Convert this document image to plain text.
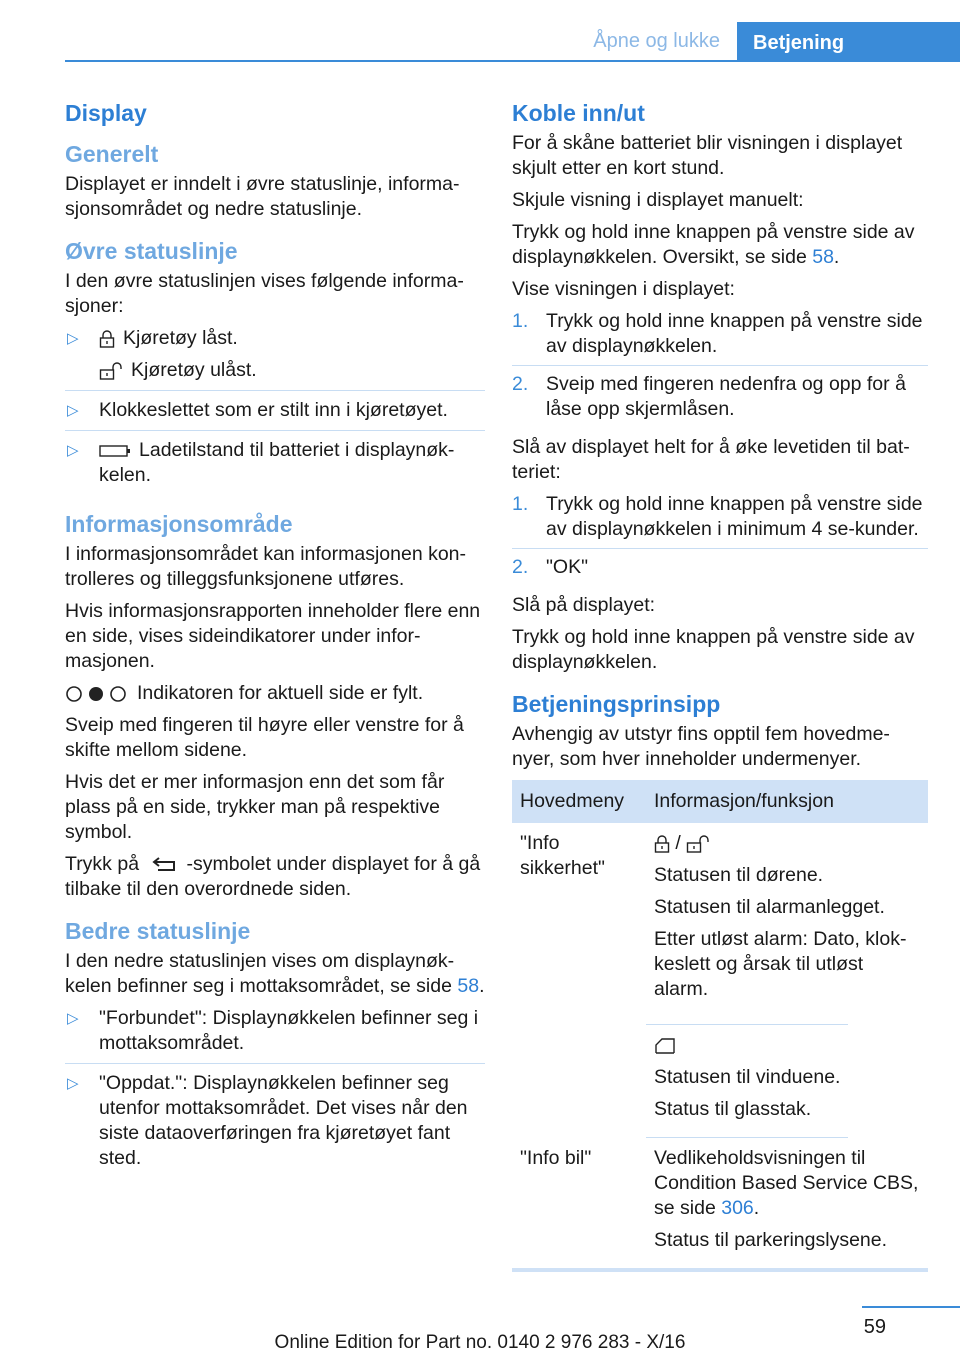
Åpne og lukke	Betjening
Display
Generelt

Displayet er inndelt i øvre statuslinje, informa-sjonsområdet og nedre statuslinje.

Øvre statuslinje

I den øvre statuslinjen vises følgende informa-sjoner:

▷ Kjøretøy låst.
Kjøretøy ulåst.
▷ Klokkeslettet som er stilt inn i kjøretøyet.
▷	Ladetilstand til batteriet i displaynøk-kelen.
Informasjonsområde

I informasjonsområdet kan informasjonen kon-trolleres og tilleggsfunksjonene utføres.

Hvis informasjonsrapporten inneholder flere enn en side, vises sideindikatorer under infor-masjonen.

Indikatoren for aktuell side er fylt.

Sveip med fingeren til høyre eller venstre for å skifte mellom sidene.

Hvis det er mer informasjon enn det som får plass på en side, trykker man på respektive symbol.

Trykk på -symbolet under displayet for å gå tilbake til den overordnede siden.

Bedre statuslinje

I den nedre statuslinjen vises om displaynøk-kelen befinner seg i mottaksområdet, se side 58.

▷ "Forbundet": Displaynøkkelen befinner seg i mottaksområdet.
▷ "Oppdat.": Displaynøkkelen befinner seg utenfor mottaksområdet. Det vises når den siste dataoverføringen fra kjøretøyet fant sted.
Koble inn/ut

For å skåne batteriet blir visningen i displayet skjult etter en kort stund.

Skjule visning i displayet manuelt:

Trykk og hold inne knappen på venstre side av displaynøkkelen. Oversikt, se side 58.

Vise visningen i displayet:

1. Trykk og hold inne knappen på venstre side av displaynøkkelen.
2. Sveip med fingeren nedenfra og opp for å låse opp skjermlåsen.

Slå av displayet helt for å øke levetiden til bat-teriet:

1. Trykk og hold inne knappen på venstre side av displaynøkkelen i minimum 4 se-kunder.
2. "OK"

Slå på displayet:

Trykk og hold inne knappen på venstre side av displaynøkkelen.

Betjeningsprinsipp

Avhengig av utstyr fins opptil fem hovedme-nyer, som hver inneholder undermenyer.

Hovedmeny	Informasjon/funksjon
"Info sikkerhet"	/

Statusen til dørene.

Statusen til alarmanlegget.

Etter utløst alarm: Dato, klok-keslett og årsak til utløst alarm.

Statusen til vinduene.

Status til glasstak.

"Info bil"	Vedlikeholdsvisningen til Condition Based Service CBS, se side 306.

Status til parkeringslysene.

59
Online Edition for Part no. 0140 2 976 283 - X/16
